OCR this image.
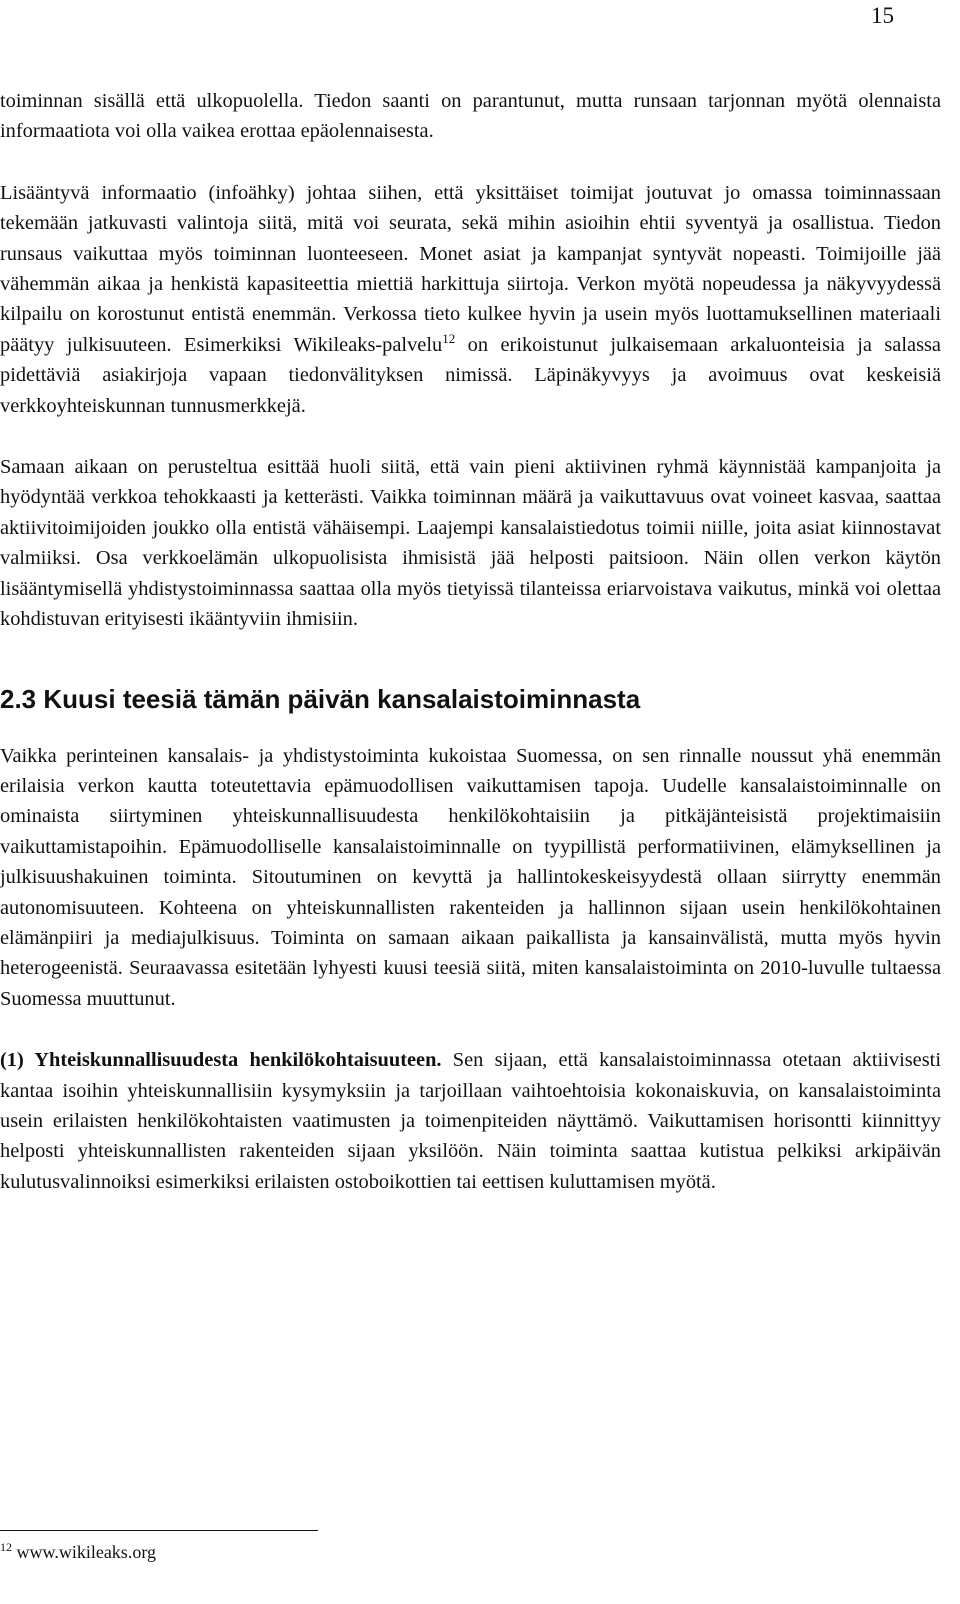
15

toiminnan sisällä että ulkopuolella. Tiedon saanti on parantunut, mutta runsaan tarjonnan myötä olennaista informaatiota voi olla vaikea erottaa epäolennaisesta.

Lisääntyvä informaatio (infoähky) johtaa siihen, että yksittäiset toimijat joutuvat jo omassa toiminnassaan tekemään jatkuvasti valintoja siitä, mitä voi seurata, sekä mihin asioihin ehtii syventyä ja osallistua. Tiedon runsaus vaikuttaa myös toiminnan luonteeseen. Monet asiat ja kampanjat syntyvät nopeasti. Toimijoille jää vähemmän aikaa ja henkistä kapasiteettia miettiä harkittuja siirtoja. Verkon myötä nopeudessa ja näkyvyydessä kilpailu on korostunut entistä enemmän. Verkossa tieto kulkee hyvin ja usein myös luottamuksellinen materiaali päätyy julkisuuteen. Esimerkiksi Wikileaks-palvelu$^{12}$ on erikoistunut julkaisemaan arkaluonteisia ja salassa pidettäviä asiakirjoja vapaan tiedonvälityksen nimissä. Läpinäkyvyys ja avoimuus ovat keskeisiä verkkoyhteiskunnan tunnusmerkkejä.

Samaan aikaan on perusteltua esittää huoli siitä, että vain pieni aktiivinen ryhmä käynnistää kampanjoita ja hyödyntää verkkoa tehokkaasti ja ketterästi. Vaikka toiminnan määrä ja vaikuttavuus ovat voineet kasvaa, saattaa aktiivitoimijoiden joukko olla entistä vähäisempi. Laajempi kansalaistiedotus toimii niille, joita asiat kiinnostavat valmiiksi. Osa verkkoelämän ulkopuolisista ihmisistä jää helposti paitsioon. Näin ollen verkon käytön lisääntymisellä yhdistystoiminnassa saattaa olla myös tietyissä tilanteissa eriarvoistava vaikutus, minkä voi olettaa kohdistuvan erityisesti ikääntyviin ihmisiin.

2.3 Kuusi teesiä tämän päivän kansalaistoiminnasta

Vaikka perinteinen kansalais- ja yhdistystoiminta kukoistaa Suomessa, on sen rinnalle noussut yhä enemmän erilaisia verkon kautta toteutettavia epämuodollisen vaikuttamisen tapoja. Uudelle kansalaistoiminnalle on ominaista siirtyminen yhteiskunnallisuudesta henkilökohtaisiin ja pitkäjänteisistä projektimaisiin vaikuttamistapoihin. Epämuodolliselle kansalaistoiminnalle on tyypillistä performatiivinen, elämyksellinen ja julkisuushakuinen toiminta. Sitoutuminen on kevyttä ja hallintokeskeisyydestä ollaan siirrytty enemmän autonomisuuteen. Kohteena on yhteiskunnallisten rakenteiden ja hallinnon sijaan usein henkilökohtainen elämänpiiri ja mediajulkisuus. Toiminta on samaan aikaan paikallista ja kansainvälistä, mutta myös hyvin heterogeenistä. Seuraavassa esitetään lyhyesti kuusi teesiä siitä, miten kansalaistoiminta on 2010-luvulle tultaessa Suomessa muuttunut.

(1) Yhteiskunnallisuudesta henkilökohtaisuuteen. Sen sijaan, että kansalaistoiminnassa otetaan aktiivisesti kantaa isoihin yhteiskunnallisiin kysymyksiin ja tarjoillaan vaihtoehtoisia kokonaiskuvia, on kansalaistoiminta usein erilaisten henkilökohtaisten vaatimusten ja toimenpiteiden näyttämö. Vaikuttamisen horisontti kiinnittyy helposti yhteiskunnallisten rakenteiden sijaan yksilöön. Näin toiminta saattaa kutistua pelkiksi arkipäivän kulutusvalinnoiksi esimerkiksi erilaisten ostoboikottien tai eettisen kuluttamisen myötä.

$^{12}$ www.wikileaks.org
